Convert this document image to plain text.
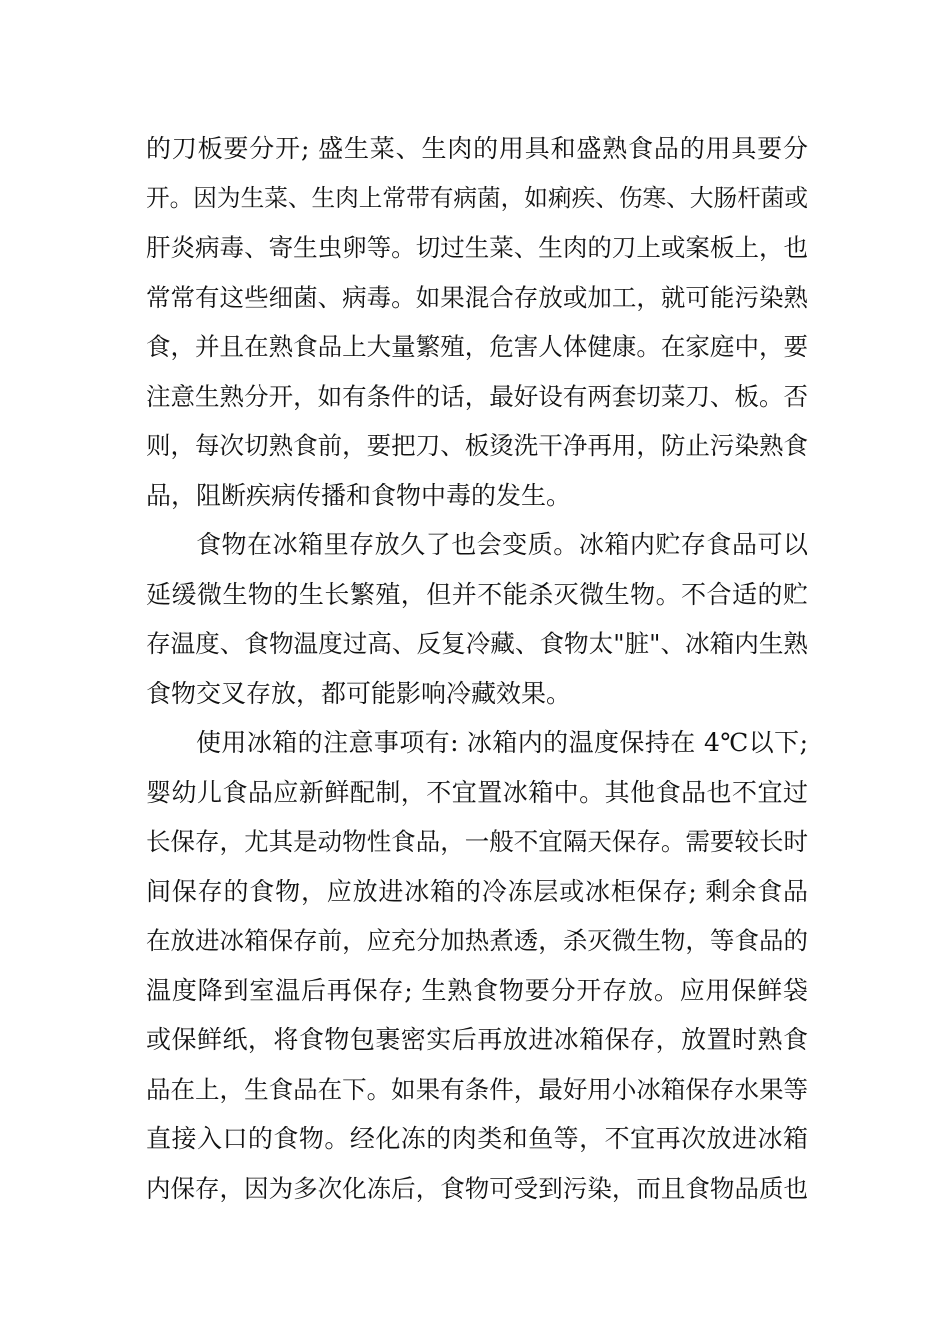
的刀板要分开; 盛生菜、生肉的用具和盛熟食品的用具要分
开。因为生菜、生肉上常带有病菌，如痢疾、伤寒、大肠杆菌或
肝炎病毒、寄生虫卵等。切过生菜、生肉的刀上或案板上，也
常常有这些细菌、病毒。如果混合存放或加工，就可能污染熟
食，并且在熟食品上大量繁殖，危害人体健康。在家庭中，要
注意生熟分开，如有条件的话，最好设有两套切菜刀、板。否
则，每次切熟食前，要把刀、板烫洗干净再用，防止污染熟食
品，阻断疾病传播和食物中毒的发生。
食物在冰箱里存放久了也会变质。冰箱内贮存食品可以
延缓微生物的生长繁殖，但并不能杀灭微生物。不合适的贮
存温度、食物温度过高、反复冷藏、食物太"脏"、冰箱内生熟
食物交叉存放，都可能影响冷藏效果。
使用冰箱的注意事项有: 冰箱内的温度保持在 4℃以下;
婴幼儿食品应新鲜配制，不宜置冰箱中。其他食品也不宜过
长保存，尤其是动物性食品，一般不宜隔天保存。需要较长时
间保存的食物，应放进冰箱的冷冻层或冰柜保存; 剩余食品
在放进冰箱保存前，应充分加热煮透，杀灭微生物，等食品的
温度降到室温后再保存; 生熟食物要分开存放。应用保鲜袋
或保鲜纸，将食物包裹密实后再放进冰箱保存，放置时熟食
品在上，生食品在下。如果有条件，最好用小冰箱保存水果等
直接入口的食物。经化冻的肉类和鱼等，不宜再次放进冰箱
内保存，因为多次化冻后，食物可受到污染，而且食物品质也
